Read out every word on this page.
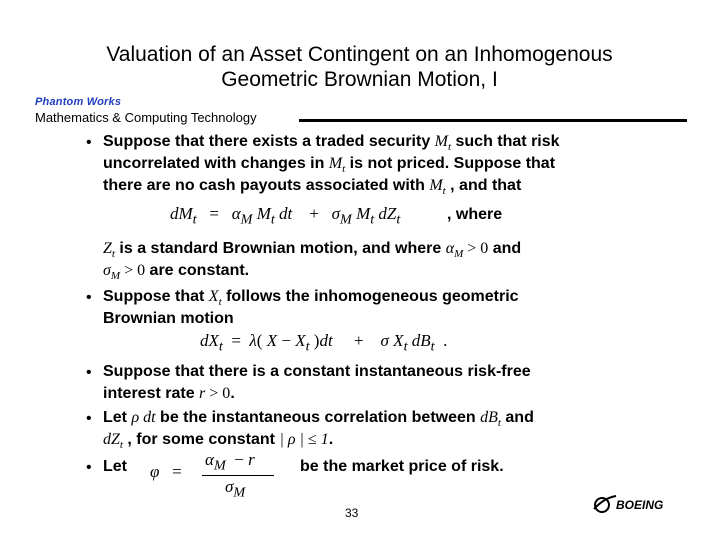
Valuation of an Asset Contingent on an Inhomogenous
Geometric Brownian Motion, I
Phantom Works
Mathematics & Computing Technology
• Suppose that there exists a traded security $M_t$ such that risk
uncorrelated with changes in $M_t$ is not priced. Suppose that
there are no cash payouts associated with $M_t$ , and that
$dM_t = \alpha_M$ $M_t$ dt    +   $\sigma_M$ $M_t$ $dZ_t$	, where
$Z_t$ is a standard Brownian motion, and where $\alpha_M > 0$ and
$\sigma_M > 0$ are constant.
• Suppose that $X_t$ follows the inhomogeneous geometric
Brownian motion
$dX_t = \lambda$( $X - X_t$ )dt     +    σ $X_t$ $dB_t$ .
• Suppose that there is a constant instantaneous risk-free
interest rate r > 0.
• Let ρ dt be the instantaneous correlation between $dB_t$ and
$dZ_t$ , for some constant | ρ | ≤ 1.
• Let φ   =
$\alpha_M - r$
$\sigma_M$
be the market price of risk.
33
BOEING
